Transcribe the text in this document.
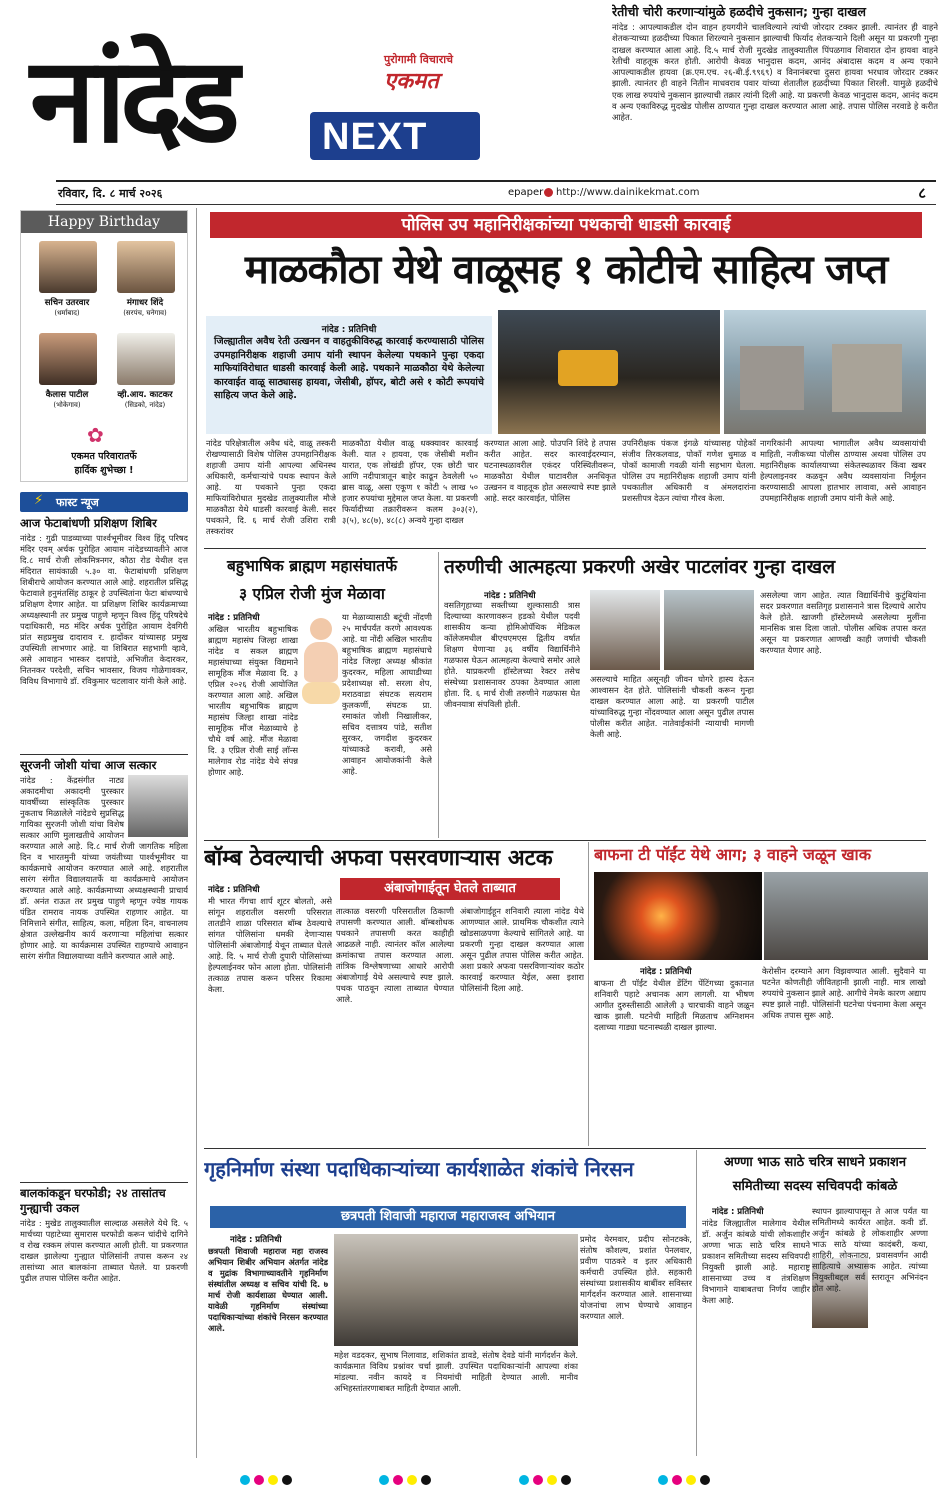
नांदेड	पुरोगामी विचाराचे
एकमत
NEXT
रेतीची चोरी करणाऱ्यांमुळे हळदीचे नुकसान; गुन्हा दाखल
नांदेड : आपल्याकडील दोन वाहन हयगयीने चालविल्याने त्यांची जोरदार टक्कर झाली. त्यानंतर ही वाहने शेतकऱ्याच्या हळदीच्या पिकात शिरल्याने नुकसान झाल्याची फिर्याद शेतकऱ्याने दिली असून या प्रकरणी गुन्हा दाखल करण्यात आला आहे. दि.५ मार्च रोजी मुदखेड तालुक्यातील पिंपळगाव शिवारात दोन हायवा वाहने रेतीची वाहतूक करत होती. आरोपी केवळ भानुदास कदम, आनंद अंबादास कदम व अन्य एकाने आपल्याकडील हायवा (क्र.एम.एच. २६-बी.ई.९९६९) व विनानंबरचा दुसरा हायवा भरधाव जोरदार टक्कर झाली. त्यानंतर ही वाहने नितीन माधवराव पवार यांच्या शेतातील हळदीच्या पिकात शिरली. यामुळे हळदीचे एक लाख रुपयांचे नुकसान झाल्याची तक्रार त्यांनी दिली आहे. या प्रकरणी केवळ भानुदास कदम, आनंद कदम व अन्य एकाविरुद्ध मुदखेड पोलीस ठाण्यात गुन्हा दाखल करण्यात आला आहे. तपास पोलिस नरवाडे हे करीत आहेत.
रविवार, दि. ८ मार्च २०२६	epaper http://www.dainikekmat.com	८
Happy Birthday
सचिन उतरवार
(धर्माबाद)
मंगाधर शिंदे
(सरपंच, घनेगाव)
कैलास पाटील
(भोकेगाव)
व्ही.आय. काटकर
(सिडको, नांदेड)
✿
एकमत परिवारातर्फे
हार्दिक शुभेच्छा !
⚡ फास्ट न्यूज
आज फेटाबांधणी प्रशिक्षण शिबिर
नांदेड : गुढी पाडव्याच्या पार्श्वभूमीवर विश्व हिंदू परिषद मंदिर एवम् अर्चक पुरोहित आयाम नांदेडच्यावतीने आज दि.८ मार्च रोजी लोकमित्रनगर, कौठा रोड येथील दत्त मंदिरात सायंकाळी ५.३० वा. फेटाबांधणी प्रशिक्षण शिबीराचे आयोजन करण्यात आले आहे. शहरातील प्रसिद्ध फेटावाले हनुमंतसिंह ठाकूर हे उपस्थितांना फेटा बांधण्याचे प्रशिक्षण देणार आहेत. या प्रशिक्षण शिबिर कार्यक्रमाच्या अध्यक्षस्थानी तर प्रमुख पाहुणे म्हणून विश्व हिंदू परिषदेचे पदाधिकारी, मठ मंदिर अर्चक पुरोहित आयाम देवगिरी प्रांत सहप्रमुख दादाराव र. हादोंकर यांच्यासह प्रमुख उपस्थिती लाभणार आहे. या शिबिरात सहभागी व्हावे, असे आवाहन भास्कर दशपांडे, अभिजीत केदारकर, नितनकर परदेशी, सचिन भावसार, विजय गोळेगावकर, विविध विभागाचे डॉ. रविकुमार चटलावार यांनी केले आहे.
सूरजनी जोशी यांचा आज सत्कार
नांदेड : केंद्रसंगीत नाट्य अकादमीचा अकादमी पुरस्कार यावर्षीच्या सांस्कृतिक पुरस्कार नुकताच मिळालेले नांदेडचे सुप्रसिद्ध गायिका सुरजनी जोशी यांचा विशेष सत्कार आणि मुलाखतीचे आयोजन करण्यात आले आहे. दि.८ मार्च रोजी जागतिक महिला दिन व भारतमुनी यांच्या जयंतीच्या पार्श्वभूमीवर या कार्यक्रमाचे आयोजन करण्यात आले आहे. शहरातील सारंग संगीत विद्यालयातर्फे या कार्यक्रमाचे आयोजन करण्यात आले आहे. कार्यक्रमाच्या अध्यक्षस्थानी प्राचार्य डॉ. अनंत राऊत तर प्रमुख पाहुणे म्हणून ज्येष्ठ गायक पंडित रामराव नायक उपस्थित राहणार आहेत. या निमित्ताने संगीत, साहित्य, कला, महिला दिन, वाचनालय क्षेत्रात उल्लेखनीय कार्य करणाऱ्या महिलांचा सत्कार होणार आहे. या कार्यक्रमास उपस्थित राहण्याचे आवाहन सारंग संगीत विद्यालयाच्या वतीने करण्यात आले आहे.
बालकांकडून घरफोडी; २४ तासांतच गुन्ह्याची उकल
नांदेड : मुखेड तालुक्यातील साल्दाळ असलेले येथे दि. ५ मार्चच्या पहाटेच्या सुमारास घरफोडी करून चांदीचे दागिने व रोख रक्कम लंपास करण्यात आली होती. या प्रकरणात दाखल झालेल्या गुन्ह्यात पोलिसांनी तपास करून २४ तासांच्या आत बालकांना ताब्यात घेतले. या प्रकरणी पुढील तपास पोलिस करीत आहेत.
पोलिस उप महानिरीक्षकांच्या पथकाची धाडसी कारवाई
माळकौठा येथे वाळूसह १ कोटीचे साहित्य जप्त
नांदेड : प्रतिनिधी
जिल्ह्यातील अवैध रेती उत्खनन व वाहतुकीविरुद्ध कारवाई करण्यासाठी पोलिस उपमहानिरीक्षक शहाजी उमाप यांनी स्थापन केलेल्या पथकाने पुन्हा एकदा माफियांविरोधात धाडसी कारवाई केली आहे. पथकाने माळकौठा येथे केलेल्या कारवाईत वाळू साठ्यासह हायवा, जेसीबी, हॉपर, बोटी असे १ कोटी रूपयांचे साहित्य जप्त केले आहे.
नांदेड परिक्षेत्रातील अवैध धंदे, वाळू तस्करी रोखण्यासाठी विशेष पोलिस उपमहानिरीक्षक शहाजी उमाप यांनी आपल्या अधिनस्थ अधिकारी, कर्मचाऱ्यांचे पथक स्थापन केले आहे. या पथकाने पुन्हा एकदा माफियांविरोधात मुदखेड तालुक्यातील मौजे माळकौठा येथे धाडसी कारवाई केली. सदर पथकाने, दि. ६ मार्च रोजी उशिरा रात्री तस्करांवर
माळकौठा येथील वाळू धक्क्यावर कारवाई केली. यात २ हायवा, एक जेसीबी मशीन यारात, एक लोखंडी हॉपर, एक छोटी चार आणि नदीपात्रातून बाहेर काढून ठेवलेली ५० ब्रास वाळू, असा एकूण १ कोटी ५ लाख ५० हजार रुपयांचा मुद्देमाल जप्त केला. या प्रकरणी फिर्यादीच्या तक्रारीवरून कलम ३०३(२), ३(५), ४८(७), ४८(८) अन्वये गुन्हा दाखल
करण्यात आला आहे. पोउपनि शिंदे हे तपास करीत आहेत. सदर कारवाईदरम्यान, घटनास्थळावरील एकंदर परिस्थितीवरून, माळकौठा येथील घाटावरील अनधिकृत उत्खनन व वाहतूक होत असल्याचे स्पष्ट झाले आहे. सदर कारवाईत, पोलिस
उपनिरीक्षक पंकज इंगळे यांच्यासह पोहेकॉ संजीव तिरकलवाड, पोकॉ गणेश धुमाळ व पोकॉ कामाजी गवळी यांनी सहभाग घेतला. पोलिस उप महानिरीक्षक शहाजी उमाप यांनी पथकातील अधिकारी व अंमलदारांना प्रशस्तीपत्र देऊन त्यांचा गौरव केला.
नागरिकांनी आपल्या भागातील अवैध व्यवसायांची माहिती, नजीकच्या पोलीस ठाण्यास अथवा पोलिस उप महानिरीक्षक कार्यालयाच्या संकेतस्थळावर किंवा खबर हेल्पलाइनवर कळवून अवैध व्यवसायांना निर्मूलन करण्यासाठी आपला हातभार लावावा, असे आवाहन उपमहानिरीक्षक शहाजी उमाप यांनी केले आहे.
बहुभाषिक ब्राह्मण महासंघातर्फे
३ एप्रिल रोजी मुंज मेळावा
नांदेड : प्रतिनिधी
अखिल भारतीय बहुभाषिक ब्राह्मण महासंघ जिल्हा शाखा नांदेड व सकल ब्राह्मण महासंघाच्या संयुक्त विद्यमाने सामूहिक मौंज मेळावा दि. ३ एप्रिल २०२६ रोजी आयोजित करण्यात आला आहे. अखिल भारतीय बहुभाषिक ब्राह्मण महासंघ जिल्हा शाखा नांदेड सामूहिक मौंज मेळाव्याचे हे चौथे वर्ष आहे. मौंज मेळावा दि. ३ एप्रिल रोजी साई लॉन्स मालेगाव रोड नांदेड येथे संपन्न होणार आहे.
या मेळाव्यासाठी बटूंची नोंदणी २५ मार्चपर्यंत करणे आवश्यक आहे. या नोंदी अखिल भारतीय बहुभाषिक ब्राह्मण महासंघाचे नांदेड जिल्हा अध्यक्ष श्रीकांत कुदरकर, महिला आघाडीच्या प्रदेशाध्यक्ष सौ. सरला शेप, मराठवाडा संघटक सत्यराम कुलकर्णी, संघटक प्रा. रमाकांत जोशी निखालीकर, सचिव दत्तात्रय पांडे, सतीश सुरकर, जगदीश कुदरकर यांच्याकडे करावी, असे आवाहन आयोजकांनी केले आहे.
तरुणीची आत्महत्या प्रकरणी अखेर पाटलांवर गुन्हा दाखल
नांदेड : प्रतिनिधी
वसतिगृहाच्या सक्तीच्या शुल्कासाठी त्रास दिल्याच्या कारणावरून हडको येथील पदवी शासकीय कन्या होमिओपॅथिक मेडिकल कॉलेजमधील बीएचएमएस द्वितीय वर्षात शिक्षण घेणाऱ्या ३६ वर्षीय विद्यार्थिनीने गळफास घेऊन आत्महत्या केल्याचे समोर आले होते. याप्रकरणी हॉस्टेलच्या रेक्टर तसेच संस्थेच्या प्रशासनावर ठपका ठेवण्यात आला होता. दि. ६ मार्च रोजी तरुणीने गळफास घेत जीवनयात्रा संपविली होती.
असल्याचे माहित असूनही जीवन घोगरे हास्य देऊन आश्वासन देत होते. पोलिसांनी चौकशी करून गुन्हा दाखल करण्यात आला आहे. या प्रकरणी पाटील यांच्याविरुद्ध गुन्हा नोंदवण्यात आला असून पुढील तपास पोलीस करीत आहेत. नातेवाईकांनी न्यायाची मागणी केली आहे.
असलेल्या जाग आहेत. त्यात विद्यार्थिनीचे कुटुंबियांना सदर प्रकरणात वसतिगृह प्रशासनाने त्रास दिल्याचे आरोप केले होते. खाजगी हॉस्टेलमध्ये असलेल्या मुलींना मानसिक त्रास दिला जातो. पोलीस अधिक तपास करत असून या प्रकरणात आणखी काही जणांची चौकशी करण्यात येणार आहे.
बॉम्ब ठेवल्याची अफवा पसरवणाऱ्यास अटक
अंबाजोगाईतून घेतले ताब्यात
नांदेड : प्रतिनिधी
मी भारत गॅंगचा शार्प शूटर बोलतो, असे सांगून शहरातील वसरणी परिसरात तातडीने शाळा परिसरात बॉम्ब ठेवल्याचे सांगत पोलिसांना धमकी देणाऱ्यास पोलिसांनी अंबाजोगाई येथून ताब्यात घेतले आहे. दि. ५ मार्च रोजी दुपारी पोलिसांच्या हेल्पलाईनवर फोन आला होता. पोलिसांनी तत्काळ तपास करून परिसर रिकामा केला.
तात्काळ वसरणी परिसरातील ठिकाणी तपासणी करण्यात आली. बॉम्बशोधक पथकाने तपासणी करत काहीही आढळले नाही. त्यानंतर कॉल आलेल्या क्रमांकाचा तपास करण्यात आला. तांत्रिक विश्लेषणाच्या आधारे आरोपी अंबाजोगाई येथे असल्याचे स्पष्ट झाले. पथक पाठवून त्याला ताब्यात घेण्यात आले.
अंबाजोगाईहून शनिवारी त्याला नांदेड येथे आणण्यात आले. प्राथमिक चौकशीत त्याने खोडसाळपणा केल्याचे सांगितले आहे. या प्रकरणी गुन्हा दाखल करण्यात आला असून पुढील तपास पोलिस करीत आहेत. अशा प्रकारे अफवा पसरविणाऱ्यांवर कठोर कारवाई करण्यात येईल, असा इशारा पोलिसांनी दिला आहे.
बाफना टी पॉईंट येथे आग; ३ वाहने जळून खाक
नांदेड : प्रतिनिधी
बाफना टी पॉईंट येथील डेंटिंग पेंटिंगच्या दुकानात शनिवारी पहाटे अचानक आग लागली. या भीषण आगीत दुरुस्तीसाठी आलेली ३ चारचाकी वाहने जळून खाक झाली. घटनेची माहिती मिळताच अग्निशमन दलाच्या गाड्या घटनास्थळी दाखल झाल्या.
केरोसीन दरम्याने आग विझवण्यात आली. सुदैवाने या घटनेत कोणतीही जीवितहानी झाली नाही. मात्र लाखो रुपयांचे नुकसान झाले आहे. आगीचे नेमके कारण अद्याप स्पष्ट झाले नाही. पोलिसांनी घटनेचा पंचनामा केला असून अधिक तपास सुरू आहे.
गृहनिर्माण संस्था पदाधिकाऱ्यांच्या कार्यशाळेत शंकांचे निरसन
छत्रपती शिवाजी महाराज महाराजस्व अभियान
नांदेड : प्रतिनिधी
छत्रपती शिवाजी महाराज महा राजस्व अभियान शिबीर अभियान अंतर्गत नांदेड व मुद्रांक विभागाच्यावतीने गृहनिर्माण संस्थांतील अध्यक्ष व सचिव यांची दि. ७ मार्च रोजी कार्यशाळा घेण्यात आली. यावेळी गृहनिर्माण संस्थांच्या पदाधिकाऱ्यांच्या शंकांचे निरसन करण्यात आले.
प्रमोद येरमवार, प्रदीप सोनटक्के, संतोष कौशल्य, प्रशांत पेनलवार, प्रवीण पाठकरे व इतर अधिकारी कर्मचारी उपस्थित होते. सहकारी संस्थांच्या प्रशासकीय बाबींवर सविस्तर मार्गदर्शन करण्यात आले. शासनाच्या योजनांचा लाभ घेण्याचे आवाहन करण्यात आले.
महेश वडदकर, सुभाष निलावाड, शशिकांत डावडे, संतोष देवडे यांनी मार्गदर्शन केले. कार्यक्रमात विविध प्रश्नांवर चर्चा झाली. उपस्थित पदाधिकाऱ्यांनी आपल्या शंका मांडल्या. नवीन कायदे व नियमांची माहिती देण्यात आली. मानीव अभिहस्तांतरणाबाबत माहिती देण्यात आली.
अण्णा भाऊ साठे चरित्र साधने प्रकाशन
समितीच्या सदस्य सचिवपदी कांबळे
नांदेड : प्रतिनिधी
नांदेड जिल्ह्यातील मालेगाव येथील डॉ. अर्जुन कांबळे यांची लोकशाहीर अण्णा भाऊ साठे चरित्र साधने प्रकाशन समितीच्या सदस्य सचिवपदी नियुक्ती झाली आहे. महाराष्ट्र शासनाच्या उच्च व तंत्रशिक्षण विभागाने याबाबतचा निर्णय जाहीर केला आहे.
स्थापन झाल्यापासून ते आज पर्यंत या समितीमध्ये कार्यरत आहेत. कवी डॉ. अर्जुन कांबळे हे लोकशाहीर अण्णा भाऊ साठे यांच्या कादंबरी, कथा, शाहिरी, लोकनाट्य, प्रवासवर्णन आदी साहित्याचे अभ्यासक आहेत. त्यांच्या नियुक्तीबद्दल सर्व स्तरातून अभिनंदन होत आहे.
